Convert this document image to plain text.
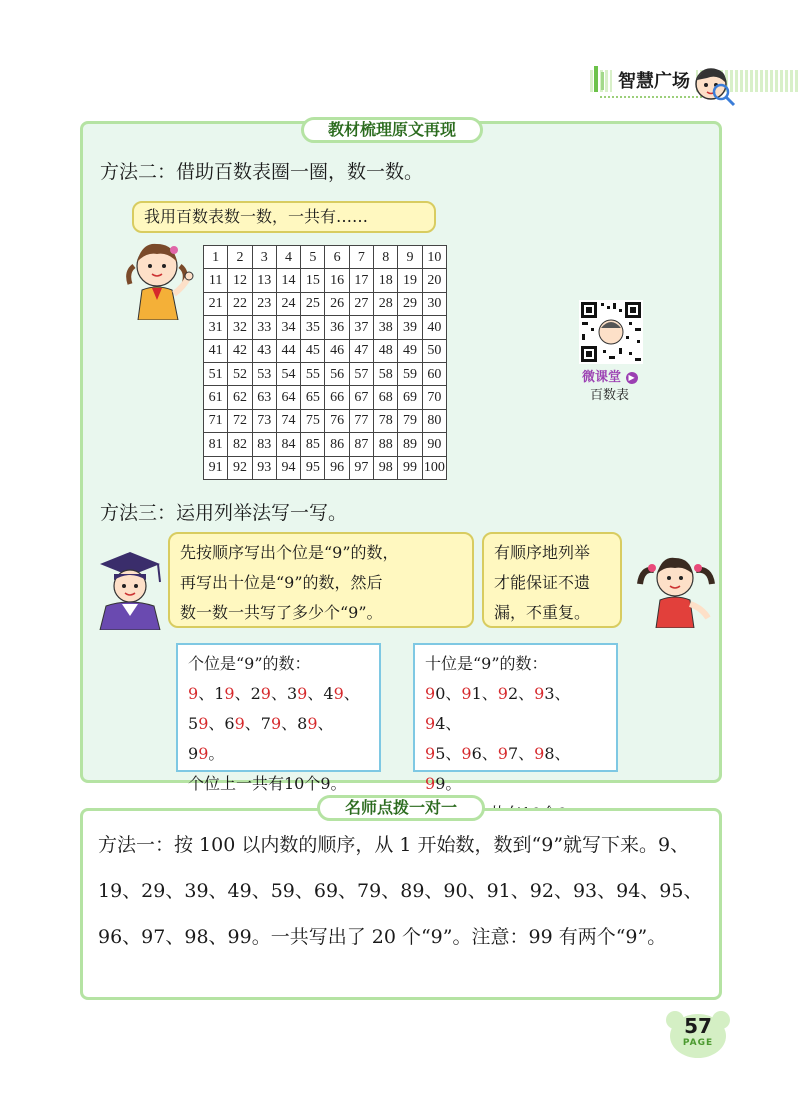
智慧广场
教材梳理原文再现
方法二：借助百数表圈一圈，数一数。
我用百数表数一数，一共有……
1	2	3	4	5	6	7	8	9	10
11	12	13	14	15	16	17	18	19	20
21	22	23	24	25	26	27	28	29	30
31	32	33	34	35	36	37	38	39	40
41	42	43	44	45	46	47	48	49	50
51	52	53	54	55	56	57	58	59	60
61	62	63	64	65	66	67	68	69	70
71	72	73	74	75	76	77	78	79	80
81	82	83	84	85	86	87	88	89	90
91	92	93	94	95	96	97	98	99	100
微课堂 ▶
百数表
方法三：运用列举法写一写。
先按顺序写出个位是“9”的数，
再写出十位是“9”的数，然后
数一数一共写了多少个“9”。
有顺序地列举
才能保证不遗
漏，不重复。
个位是“9”的数：
9、19、29、39、49、
59、69、79、89、99。
个位上一共有10个9。
十位是“9”的数：
90、91、92、93、94、
95、96、97、98、99。
名师点拨一对一
方法一：按 100 以内数的顺序，从 1 开始数，数到“9”就写下来。9、19、29、39、49、59、69、79、89、90、91、92、93、94、95、96、97、98、99。一共写出了 20 个“9”。注意：99 有两个“9”。
57
PAGE
